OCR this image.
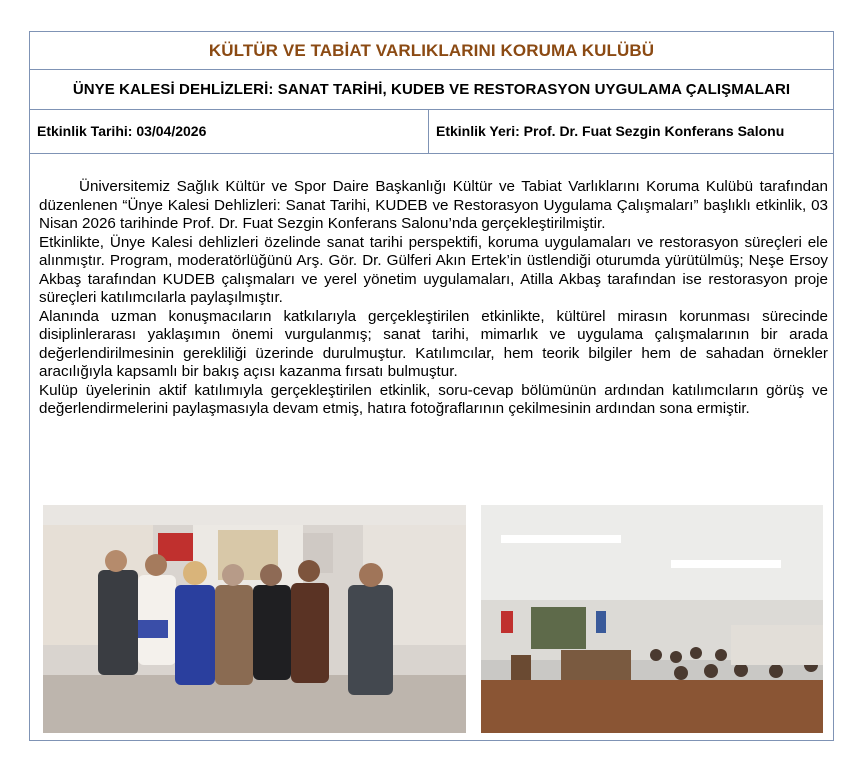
KÜLTÜR VE TABİAT VARLIKLARINI KORUMA KULÜBÜ
ÜNYE KALESİ DEHLİZLERİ: SANAT TARİHİ, KUDEB VE RESTORASYON UYGULAMA ÇALIŞMALARI
Etkinlik Tarihi: 03/04/2026	Etkinlik Yeri: Prof. Dr. Fuat Sezgin Konferans Salonu

Üniversitemiz Sağlık Kültür ve Spor Daire Başkanlığı Kültür ve Tabiat Varlıklarını Koruma Kulübü tarafından düzenlenen “Ünye Kalesi Dehlizleri: Sanat Tarihi, KUDEB ve Restorasyon Uygulama Çalışmaları” başlıklı etkinlik, 03 Nisan 2026 tarihinde Prof. Dr. Fuat Sezgin Konferans Salonu’nda gerçekleştirilmiştir.

Etkinlikte, Ünye Kalesi dehlizleri özelinde sanat tarihi perspektifi, koruma uygulamaları ve restorasyon süreçleri ele alınmıştır. Program, moderatörlüğünü Arş. Gör. Dr. Gülferi Akın Ertek’in üstlendiği oturumda yürütülmüş; Neşe Ersoy Akbaş tarafından KUDEB çalışmaları ve yerel yönetim uygulamaları, Atilla Akbaş tarafından ise restorasyon proje süreçleri katılımcılarla paylaşılmıştır.

Alanında uzman konuşmacıların katkılarıyla gerçekleştirilen etkinlikte, kültürel mirasın korunması sürecinde disiplinlerarası yaklaşımın önemi vurgulanmış; sanat tarihi, mimarlık ve uygulama çalışmalarının bir arada değerlendirilmesinin gerekliliği üzerinde durulmuştur. Katılımcılar, hem teorik bilgiler hem de sahadan örnekler aracılığıyla kapsamlı bir bakış açısı kazanma fırsatı bulmuştur.

Kulüp üyelerinin aktif katılımıyla gerçekleştirilen etkinlik, soru-cevap bölümünün ardından katılımcıların görüş ve değerlendirmelerini paylaşmasıyla devam etmiş, hatıra fotoğraflarının çekilmesinin ardından sona ermiştir.
